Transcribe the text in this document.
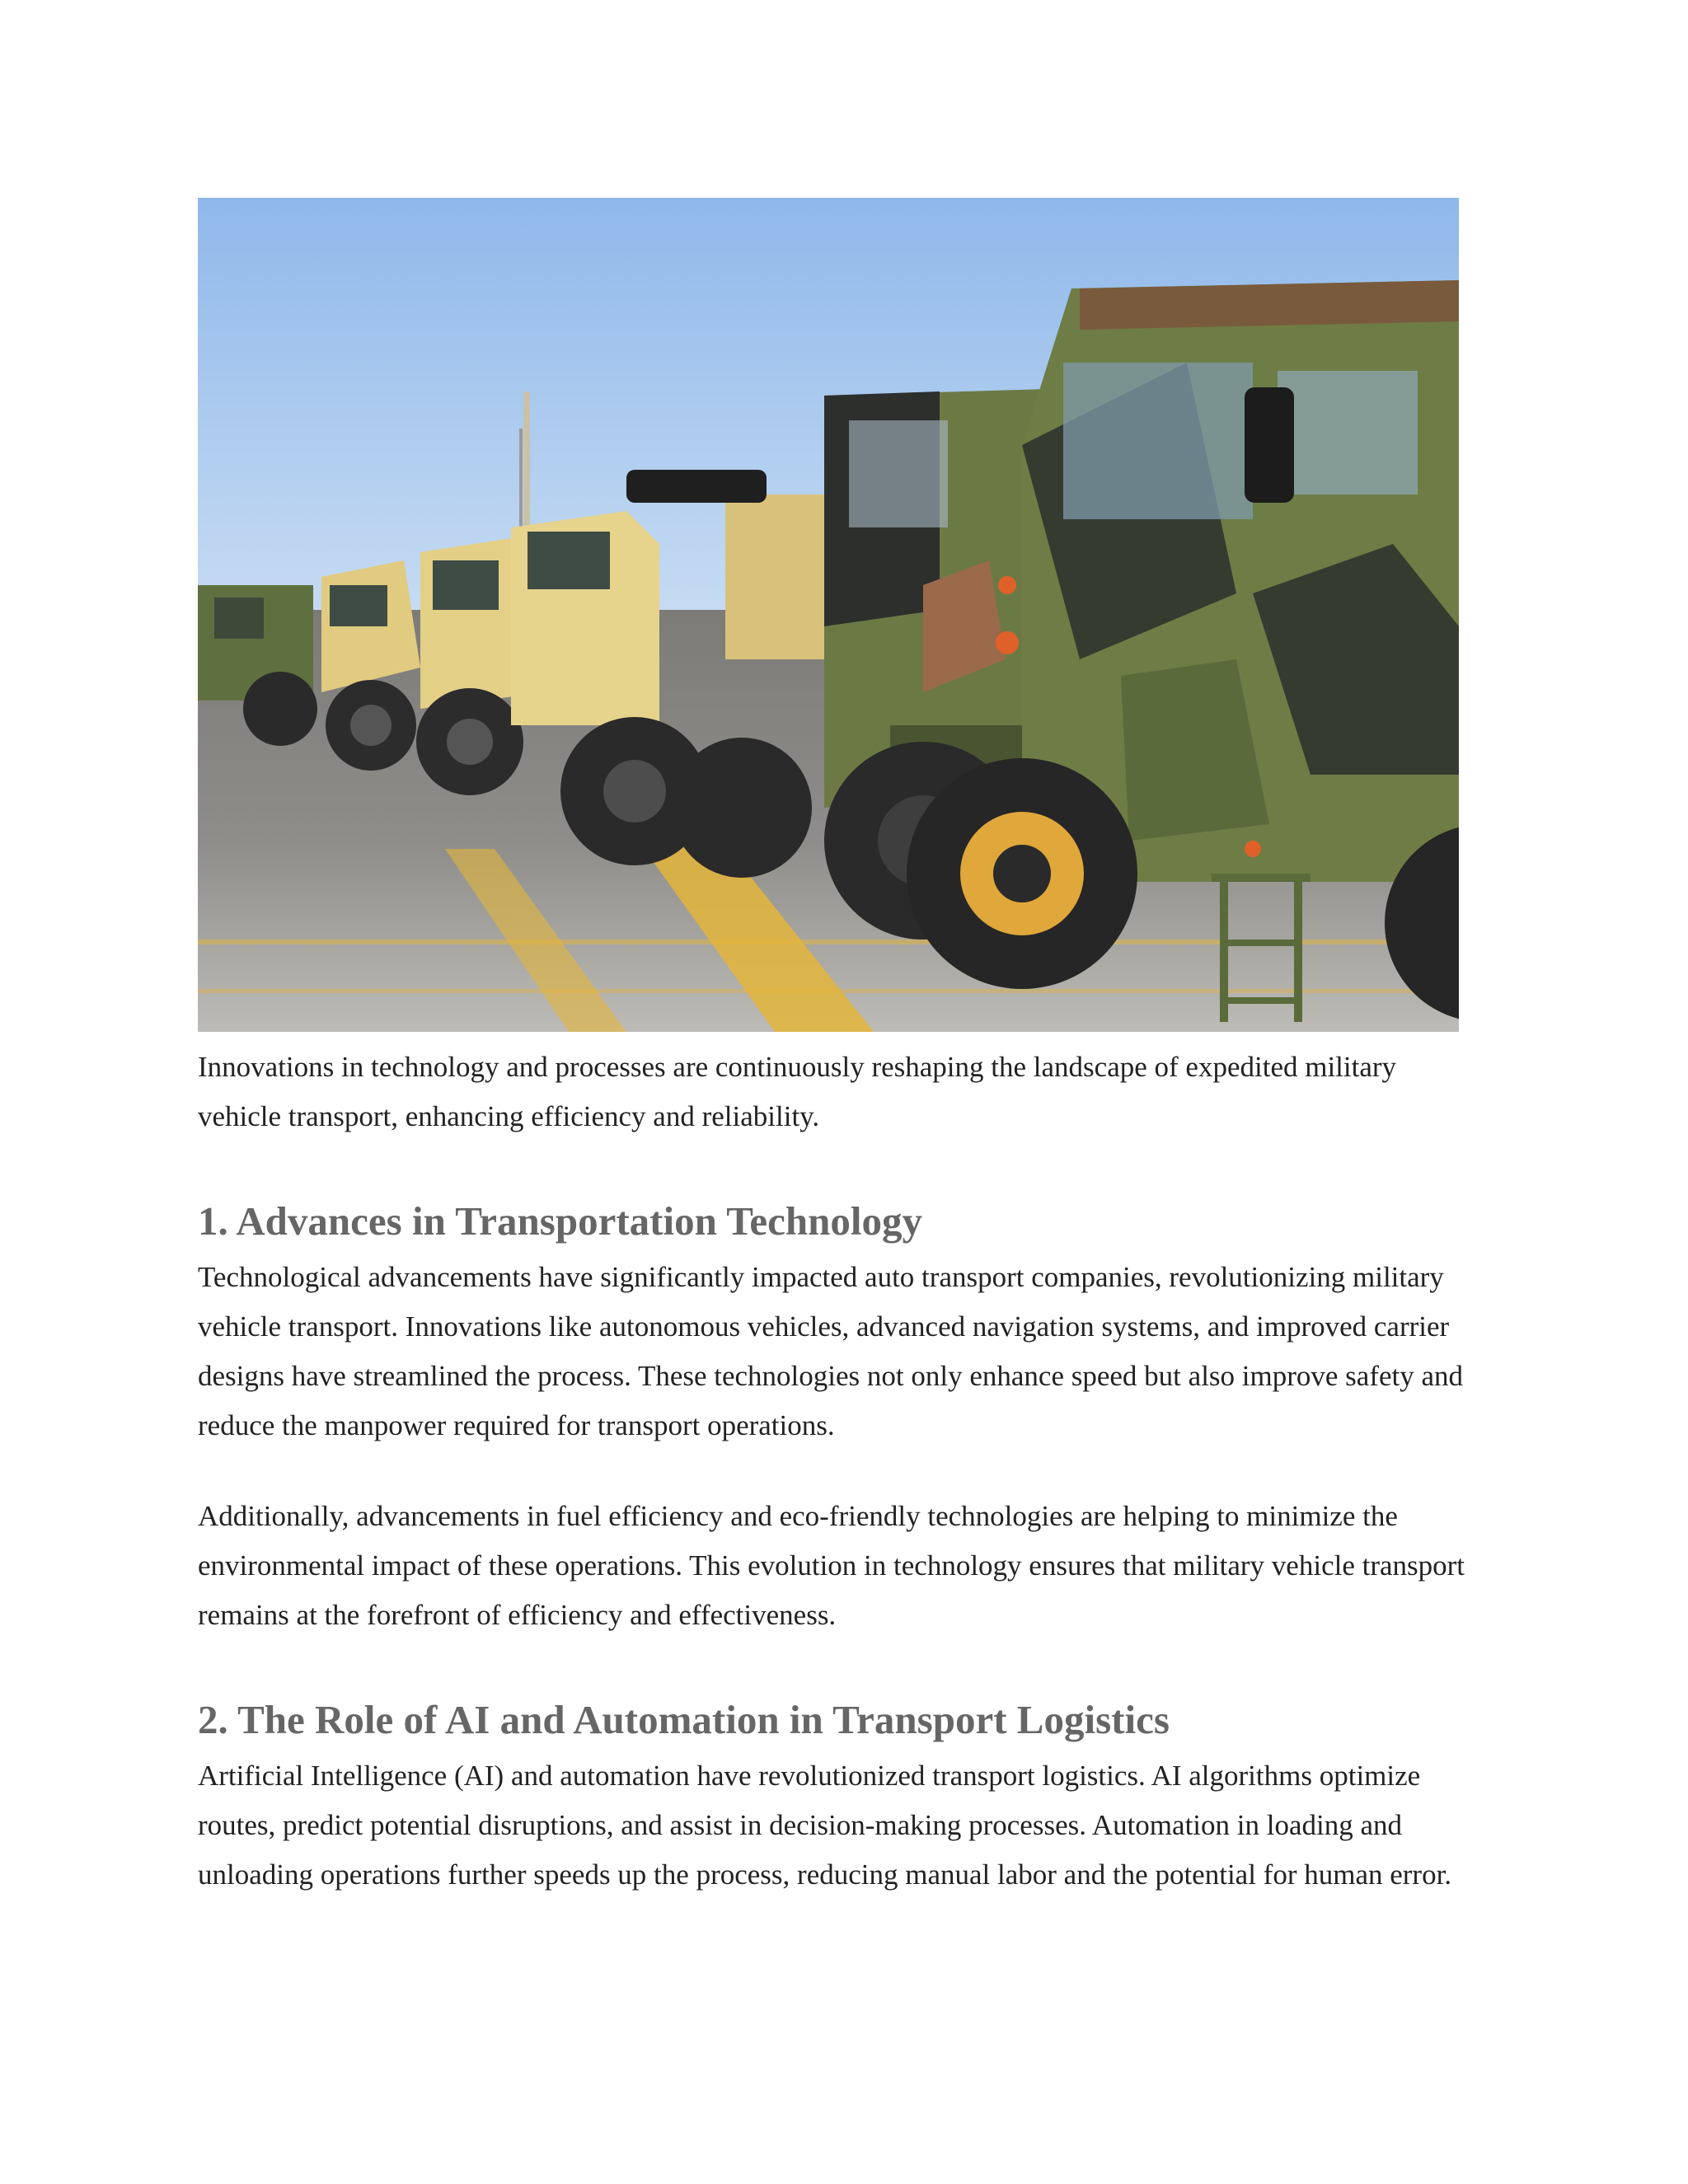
Innovations in technology and processes are continuously reshaping the landscape of expedited military vehicle transport, enhancing efficiency and reliability.

1. Advances in Transportation Technology

Technological advancements have significantly impacted auto transport companies, revolutionizing military vehicle transport. Innovations like autonomous vehicles, advanced navigation systems, and improved carrier designs have streamlined the process. These technologies not only enhance speed but also improve safety and reduce the manpower required for transport operations.

Additionally, advancements in fuel efficiency and eco-friendly technologies are helping to minimize the environmental impact of these operations. This evolution in technology ensures that military vehicle transport remains at the forefront of efficiency and effectiveness.

2. The Role of AI and Automation in Transport Logistics

Artificial Intelligence (AI) and automation have revolutionized transport logistics. AI algorithms optimize routes, predict potential disruptions, and assist in decision-making processes. Automation in loading and unloading operations further speeds up the process, reducing manual labor and the potential for human error.
